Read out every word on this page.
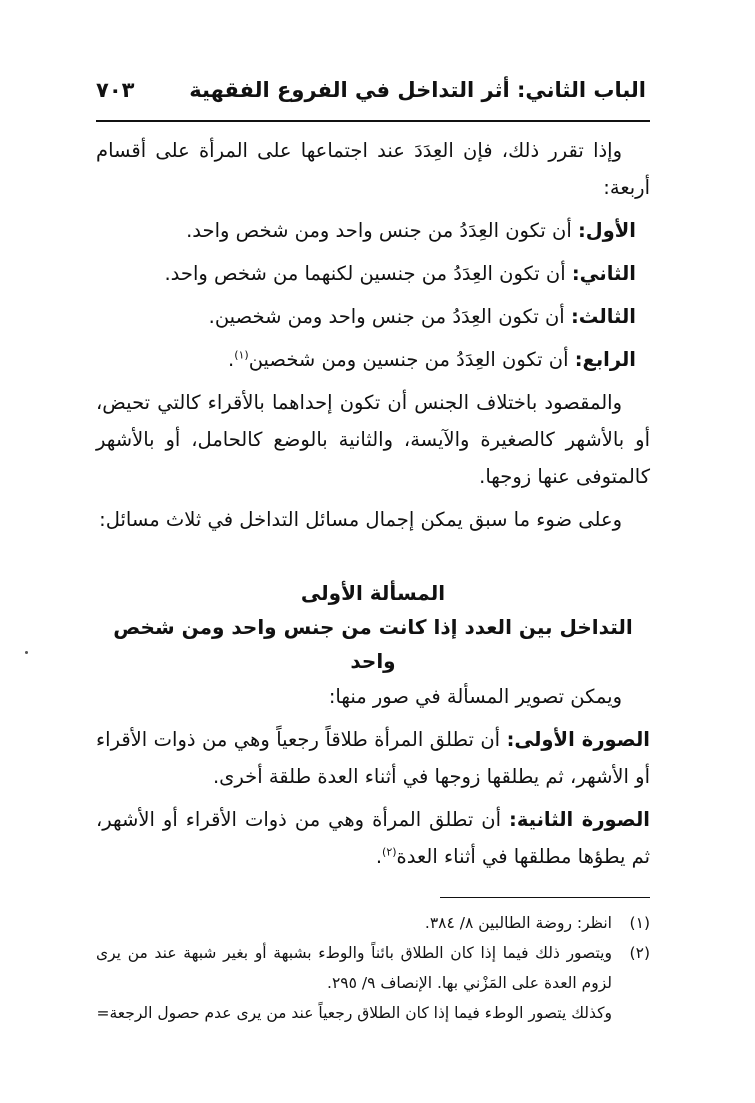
الباب الثاني: أثر التداخل في الفروع الفقهية
٧٠٣

وإذا تقرر ذلك، فإن العِدَدَ عند اجتماعها على المرأة على أقسام أربعة:

الأول: أن تكون العِدَدُ من جنس واحد ومن شخص واحد.

الثاني: أن تكون العِدَدُ من جنسين لكنهما من شخص واحد.

الثالث: أن تكون العِدَدُ من جنس واحد ومن شخصين.

الرابع: أن تكون العِدَدُ من جنسين ومن شخصين$^{(١)}$.

والمقصود باختلاف الجنس أن تكون إحداهما بالأقراء كالتي تحيض، أو بالأشهر كالصغيرة والآيسة، والثانية بالوضع كالحامل، أو بالأشهر كالمتوفى عنها زوجها.

وعلى ضوء ما سبق يمكن إجمال مسائل التداخل في ثلاث مسائل:

المسألة الأولى
التداخل بين العدد إذا كانت من جنس واحد ومن شخص واحد

ويمكن تصوير المسألة في صور منها:

الصورة الأولى: أن تطلق المرأة طلاقاً رجعياً وهي من ذوات الأقراء أو الأشهر، ثم يطلقها زوجها في أثناء العدة طلقة أخرى.

الصورة الثانية: أن تطلق المرأة وهي من ذوات الأقراء أو الأشهر، ثم يطؤها مطلقها في أثناء العدة$^{(٢)}$.

(١)
انظر: روضة الطالبين ٨/ ٣٨٤.
(٢)
ويتصور ذلك فيما إذا كان الطلاق بائناً والوطء بشبهة أو بغير شبهة عند من يرى لزوم العدة على المَزْني بها. الإنصاف ٩/ ٢٩٥.

وكذلك يتصور الوطء فيما إذا كان الطلاق رجعياً عند من يرى عدم حصول الرجعة=
